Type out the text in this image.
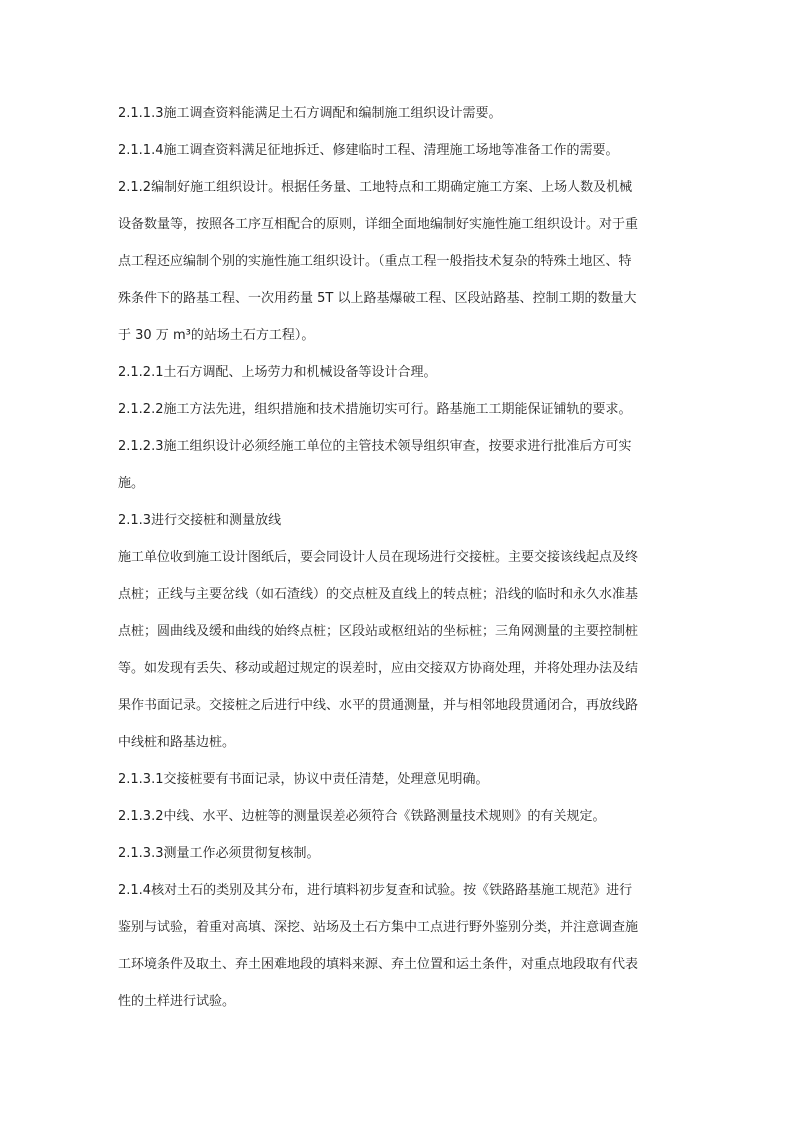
2.1.1.3施工调查资料能满足土石方调配和编制施工组织设计需要。
2.1.1.4施工调查资料满足征地拆迁、修建临时工程、清理施工场地等准备工作的需要。
2.1.2编制好施工组织设计。根据任务量、工地特点和工期确定施工方案、上场人数及机械
设备数量等，按照各工序互相配合的原则，详细全面地编制好实施性施工组织设计。对于重
点工程还应编制个别的实施性施工组织设计。（重点工程一般指技术复杂的特殊土地区、特
殊条件下的路基工程、一次用药量 5T 以上路基爆破工程、区段站路基、控制工期的数量大
于 30 万 m³的站场土石方工程）。
2.1.2.1土石方调配、上场劳力和机械设备等设计合理。
2.1.2.2施工方法先进，组织措施和技术措施切实可行。路基施工工期能保证铺轨的要求。
2.1.2.3施工组织设计必须经施工单位的主管技术领导组织审查，按要求进行批准后方可实
施。
2.1.3进行交接桩和测量放线
施工单位收到施工设计图纸后，要会同设计人员在现场进行交接桩。主要交接该线起点及终
点桩；正线与主要岔线（如石渣线）的交点桩及直线上的转点桩；沿线的临时和永久水准基
点桩；圆曲线及缓和曲线的始终点桩；区段站或枢纽站的坐标桩；三角网测量的主要控制桩
等。如发现有丢失、移动或超过规定的误差时，应由交接双方协商处理，并将处理办法及结
果作书面记录。交接桩之后进行中线、水平的贯通测量，并与相邻地段贯通闭合，再放线路
中线桩和路基边桩。
2.1.3.1交接桩要有书面记录，协议中责任清楚，处理意见明确。
2.1.3.2中线、水平、边桩等的测量误差必须符合《铁路测量技术规则》的有关规定。
2.1.3.3测量工作必须贯彻复核制。
2.1.4核对土石的类别及其分布，进行填料初步复查和试验。按《铁路路基施工规范》进行
鉴别与试验，着重对高填、深挖、站场及土石方集中工点进行野外鉴别分类，并注意调查施
工环境条件及取土、弃土困难地段的填料来源、弃土位置和运土条件，对重点地段取有代表
性的土样进行试验。
